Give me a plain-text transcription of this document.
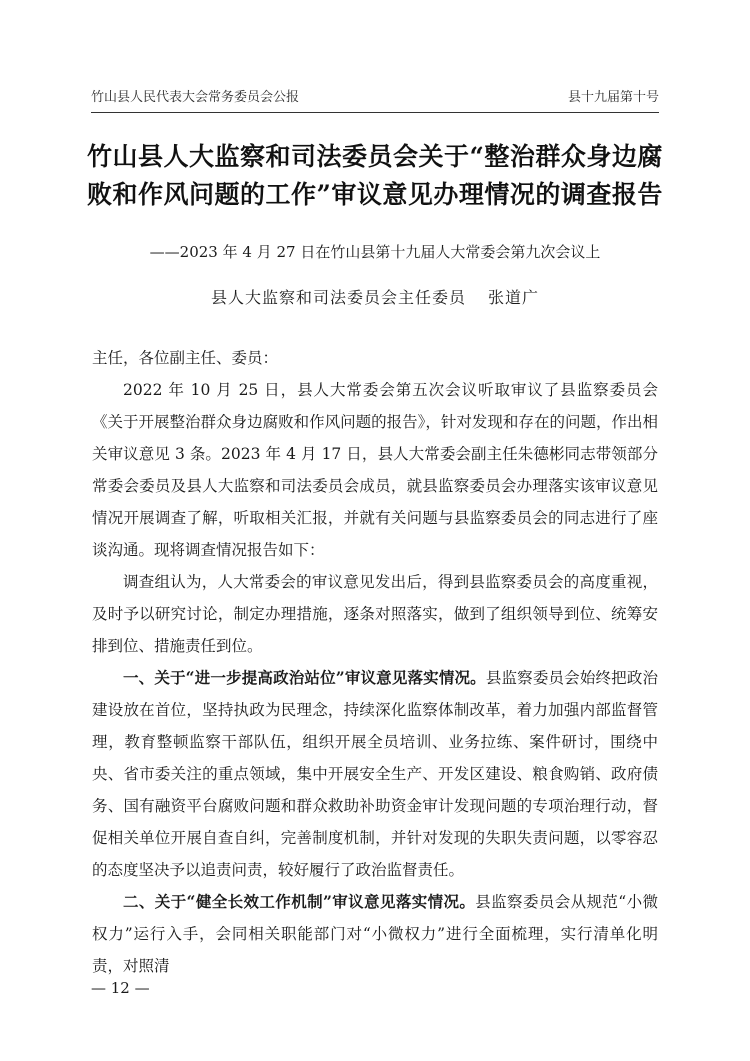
竹山县人民代表大会常务委员会公报	县十九届第十号
竹山县人大监察和司法委员会关于“整治群众身边腐
败和作风问题的工作”审议意见办理情况的调查报告
——2023 年 4 月 27 日在竹山县第十九届人大常委会第九次会议上
县人大监察和司法委员会主任委员 张道广

主任，各位副主任、委员：

2022 年 10 月 25 日，县人大常委会第五次会议听取审议了县监察委员会《关于开展整治群众身边腐败和作风问题的报告》，针对发现和存在的问题，作出相关审议意见 3 条。2023 年 4 月 17 日，县人大常委会副主任朱德彬同志带领部分常委会委员及县人大监察和司法委员会成员，就县监察委员会办理落实该审议意见情况开展调查了解，听取相关汇报，并就有关问题与县监察委员会的同志进行了座谈沟通。现将调查情况报告如下：

调查组认为，人大常委会的审议意见发出后，得到县监察委员会的高度重视，及时予以研究讨论，制定办理措施，逐条对照落实，做到了组织领导到位、统筹安排到位、措施责任到位。

一、关于“进一步提高政治站位”审议意见落实情况。县监察委员会始终把政治建设放在首位，坚持执政为民理念，持续深化监察体制改革，着力加强内部监督管理，教育整顿监察干部队伍，组织开展全员培训、业务拉练、案件研讨，围绕中央、省市委关注的重点领域，集中开展安全生产、开发区建设、粮食购销、政府债务、国有融资平台腐败问题和群众救助补助资金审计发现问题的专项治理行动，督促相关单位开展自查自纠，完善制度机制，并针对发现的失职失责问题，以零容忍的态度坚决予以追责问责，较好履行了政治监督责任。

二、关于“健全长效工作机制”审议意见落实情况。县监察委员会从规范“小微权力”运行入手，会同相关职能部门对“小微权力”进行全面梳理，实行清单化明责，对照清

— 12 —
